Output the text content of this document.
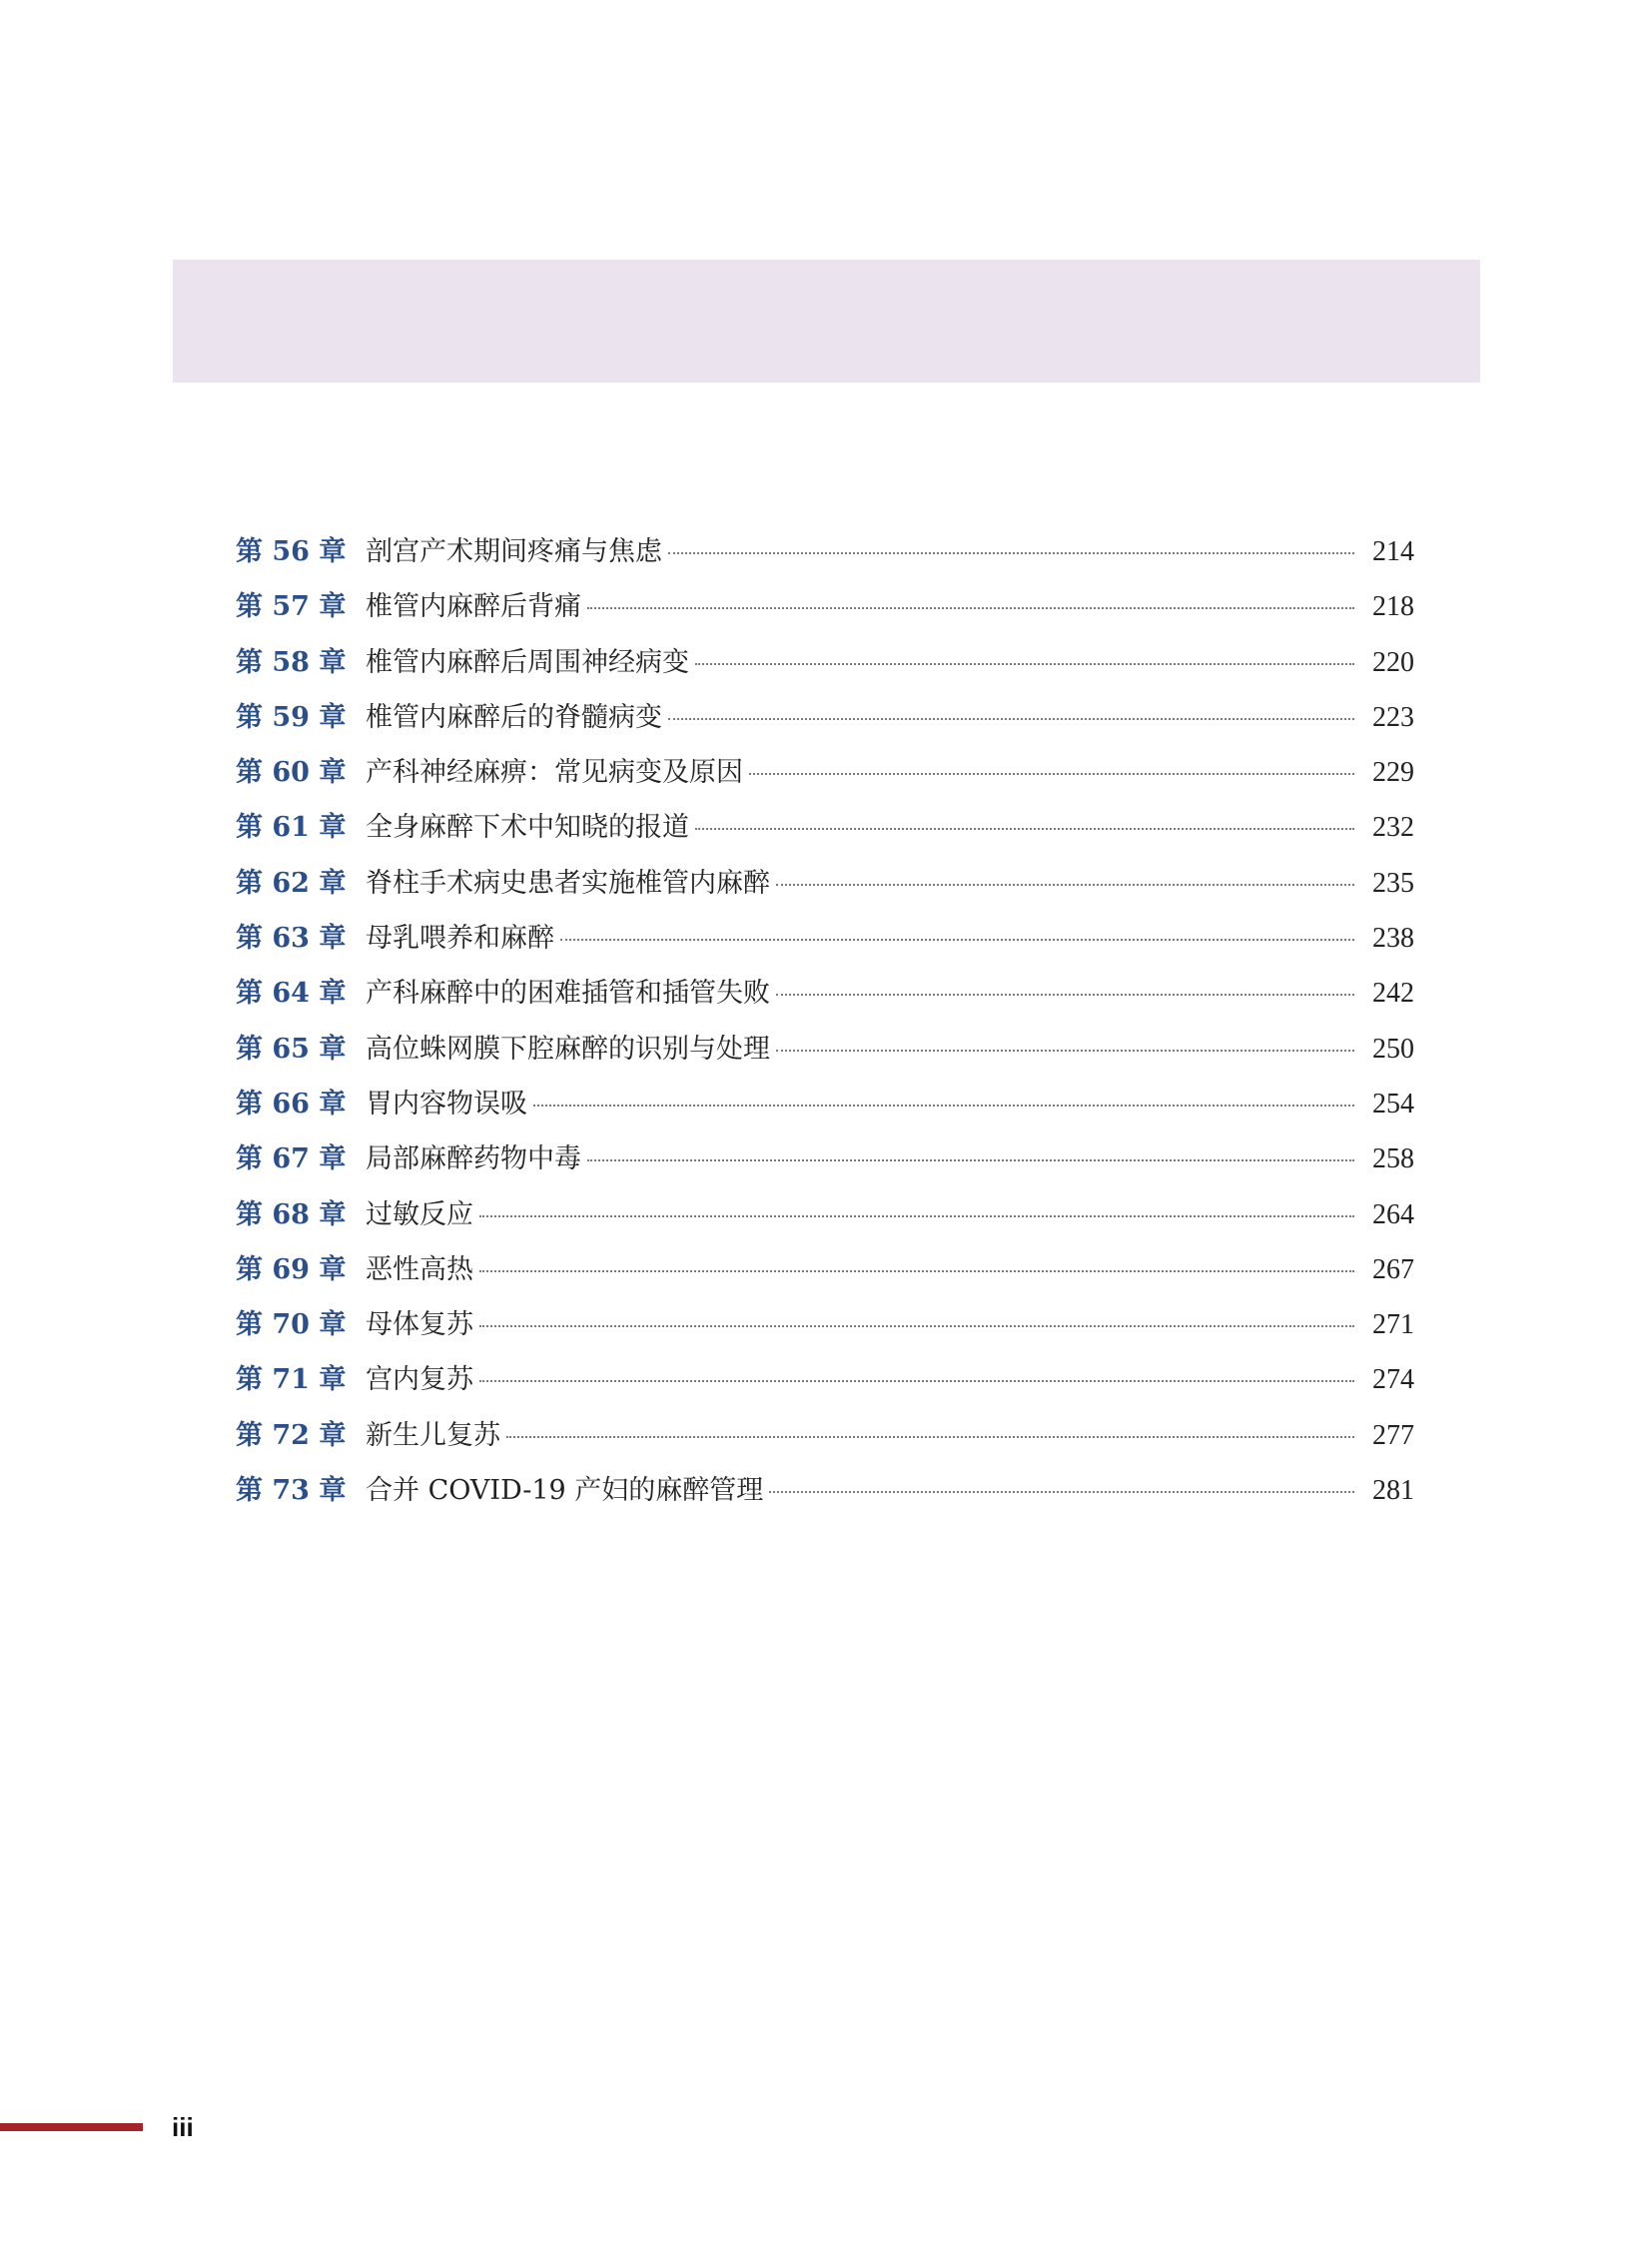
第 56 章 剖宫产术期间疼痛与焦虑	214
第 57 章 椎管内麻醉后背痛	218
第 58 章 椎管内麻醉后周围神经病变	220
第 59 章 椎管内麻醉后的脊髓病变	223
第 60 章 产科神经麻痹：常见病变及原因	229
第 61 章 全身麻醉下术中知晓的报道	232
第 62 章 脊柱手术病史患者实施椎管内麻醉	235
第 63 章 母乳喂养和麻醉	238
第 64 章 产科麻醉中的困难插管和插管失败	242
第 65 章 高位蛛网膜下腔麻醉的识别与处理	250
第 66 章 胃内容物误吸	254
第 67 章 局部麻醉药物中毒	258
第 68 章 过敏反应	264
第 69 章 恶性高热	267
第 70 章 母体复苏	271
第 71 章 宫内复苏	274
第 72 章 新生儿复苏	277
第 73 章 合并 COVID-19 产妇的麻醉管理	281
iii
